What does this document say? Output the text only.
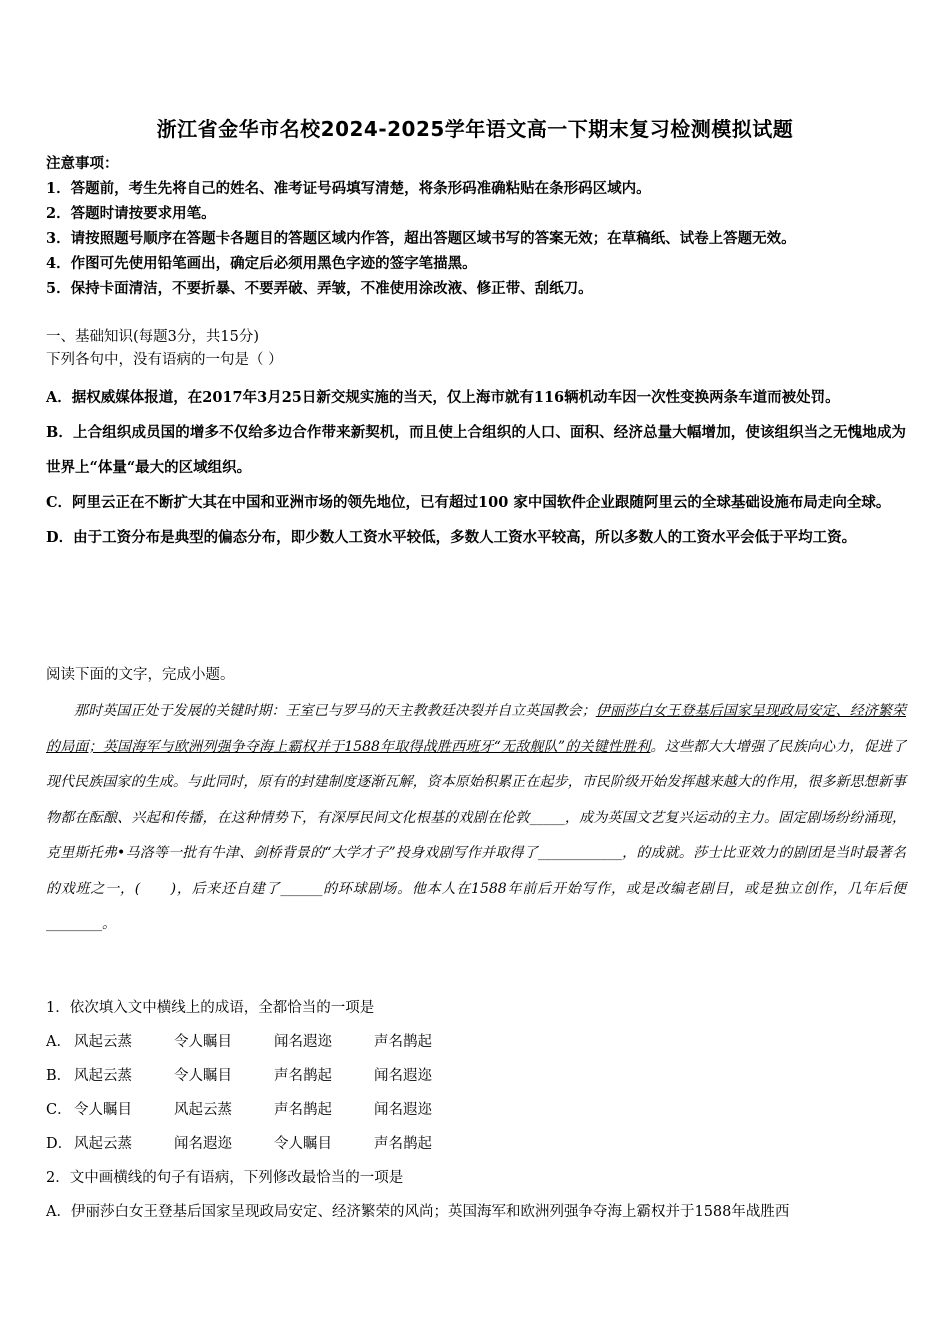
浙江省金华市名校2024-2025学年语文高一下期末复习检测模拟试题
注意事项：
1．答题前，考生先将自己的姓名、准考证号码填写清楚，将条形码准确粘贴在条形码区域内。
2．答题时请按要求用笔。
3．请按照题号顺序在答题卡各题目的答题区域内作答，超出答题区域书写的答案无效；在草稿纸、试卷上答题无效。
4．作图可先使用铅笔画出，确定后必须用黑色字迹的签字笔描黑。
5．保持卡面清洁，不要折暴、不要弄破、弄皱，不准使用涂改液、修正带、刮纸刀。
一、基础知识(每题3分，共15分)
下列各句中，没有语病的一句是（ ）

A．据权威媒体报道，在2017年3月25日新交规实施的当天，仅上海市就有116辆机动车因一次性变换两条车道而被处罚。

B．上合组织成员国的增多不仅给多边合作带来新契机，而且使上合组织的人口、面积、经济总量大幅增加，使该组织当之无愧地成为世界上“体量“最大的区域组织。

C．阿里云正在不断扩大其在中国和亚洲市场的领先地位，已有超过100 家中国软件企业跟随阿里云的全球基础设施布局走向全球。

D．由于工资分布是典型的偏态分布，即少数人工资水平较低，多数人工资水平较高，所以多数人的工资水平会低于平均工资。

阅读下面的文字，完成小题。

那时英国正处于发展的关键时期：王室已与罗马的天主教教廷决裂并自立英国教会；伊丽莎白女王登基后国家呈现政局安定、经济繁荣的局面；英国海军与欧洲列强争夺海上霸权并于1588年取得战胜西班牙“无敌舰队”的关键性胜利。这些都大大增强了民族向心力，促进了现代民族国家的生成。与此同时，原有的封建制度逐渐瓦解，资本原始积累正在起步，市民阶级开始发挥越来越大的作用，很多新思想新事物都在酝酿、兴起和传播，在这种情势下，有深厚民间文化根基的戏剧在伦敦_____，成为英国文艺复兴运动的主力。固定剧场纷纷涌现，克里斯托弗•马洛等一批有牛津、剑桥背景的“大学才子”投身戏剧写作并取得了____________，的成就。莎士比亚效力的剧团是当时最著名的戏班之一，(　　)，后来还自建了______的环球剧场。他本人在1588年前后开始写作，或是改编老剧目，或是独立创作，几年后便________。

1．依次填入文中横线上的成语，全都恰当的一项是
A． 风起云蒸	令人瞩目	闻名遐迩	声名鹊起
B． 风起云蒸	令人瞩目	声名鹊起	闻名遐迩
C． 令人瞩目	风起云蒸	声名鹊起	闻名遐迩
D． 风起云蒸	闻名遐迩	令人瞩目	声名鹊起
2．文中画横线的句子有语病，下列修改最恰当的一项是
A．伊丽莎白女王登基后国家呈现政局安定、经济繁荣的风尚；英国海军和欧洲列强争夺海上霸权并于1588年战胜西
